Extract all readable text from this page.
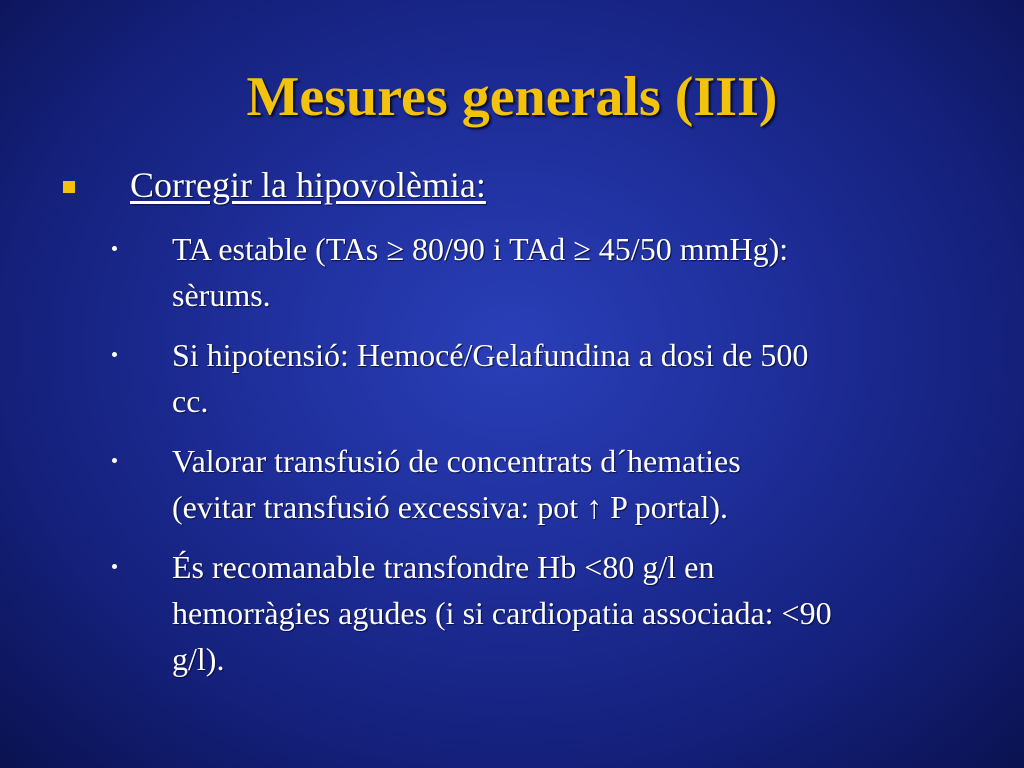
Mesures generals (III)
Corregir la hipovolèmia:
TA estable (TAs ≥ 80/90 i TAd ≥ 45/50 mmHg):
sèrums.
Si hipotensió: Hemocé/Gelafundina a dosi de 500
cc.
Valorar transfusió de concentrats d´hematies
(evitar transfusió excessiva: pot ↑ P portal).
És recomanable transfondre Hb <80 g/l en
hemorràgies agudes (i si cardiopatia associada: <90
g/l).
